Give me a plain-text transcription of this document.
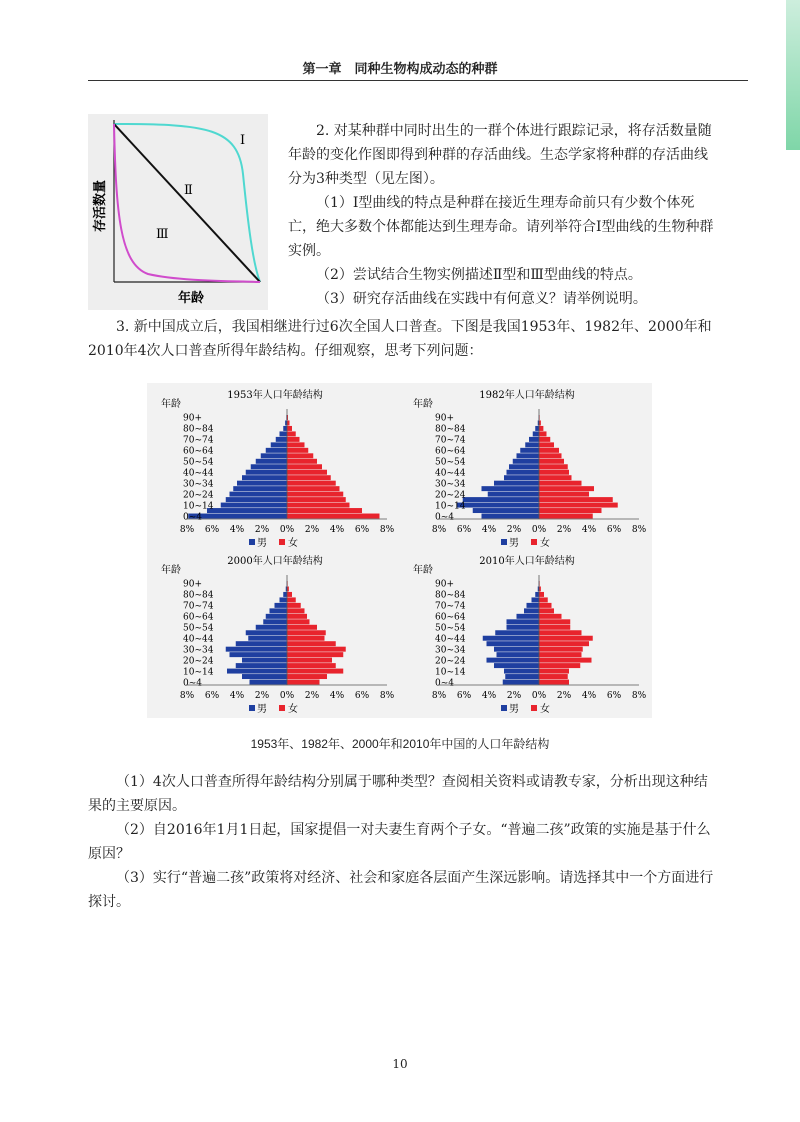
第一章　同种生物构成动态的种群
Ⅰ
Ⅱ
Ⅲ
存活数量
年龄

2. 对某种群中同时出生的一群个体进行跟踪记录，将存活数量随年龄的变化作图即得到种群的存活曲线。生态学家将种群的存活曲线分为3种类型（见左图）。

（1）Ⅰ型曲线的特点是种群在接近生理寿命前只有少数个体死亡，绝大多数个体都能达到生理寿命。请列举符合Ⅰ型曲线的生物种群实例。

（2）尝试结合生物实例描述Ⅱ型和Ⅲ型曲线的特点。

（3）研究存活曲线在实践中有何意义？请举例说明。

3. 新中国成立后，我国相继进行过6次全国人口普查。下图是我国1953年、1982年、2000年和2010年4次人口普查所得年龄结构。仔细观察，思考下列问题：

1953年人口年龄结构
年龄
0~4
10~14
20~24
30~34
40~44
50~54
60~64
70~74
80~84
90+
8% 6% 4% 2% 0% 2% 4% 6% 8%
男 女
1982年人口年龄结构
年龄
0~4
10~14
20~24
30~34
40~44
50~54
60~64
70~74
80~84
90+
8% 6% 4% 2% 0% 2% 4% 6% 8%
男 女
2000年人口年龄结构
年龄
0~4
10~14
20~24
30~34
40~44
50~54
60~64
70~74
80~84
90+
8% 6% 4% 2% 0% 2% 4% 6% 8%
男 女
2010年人口年龄结构
年龄
0~4
10~14
20~24
30~34
40~44
50~54
60~64
70~74
80~84
90+
8% 6% 4% 2% 0% 2% 4% 6% 8%
男 女
1953年、1982年、2000年和2010年中国的人口年龄结构

（1）4次人口普查所得年龄结构分别属于哪种类型？查阅相关资料或请教专家，分析出现这种结果的主要原因。

（2）自2016年1月1日起，国家提倡一对夫妻生育两个子女。“普遍二孩”政策的实施是基于什么原因？

（3）实行“普遍二孩”政策将对经济、社会和家庭各层面产生深远影响。请选择其中一个方面进行探讨。

10
